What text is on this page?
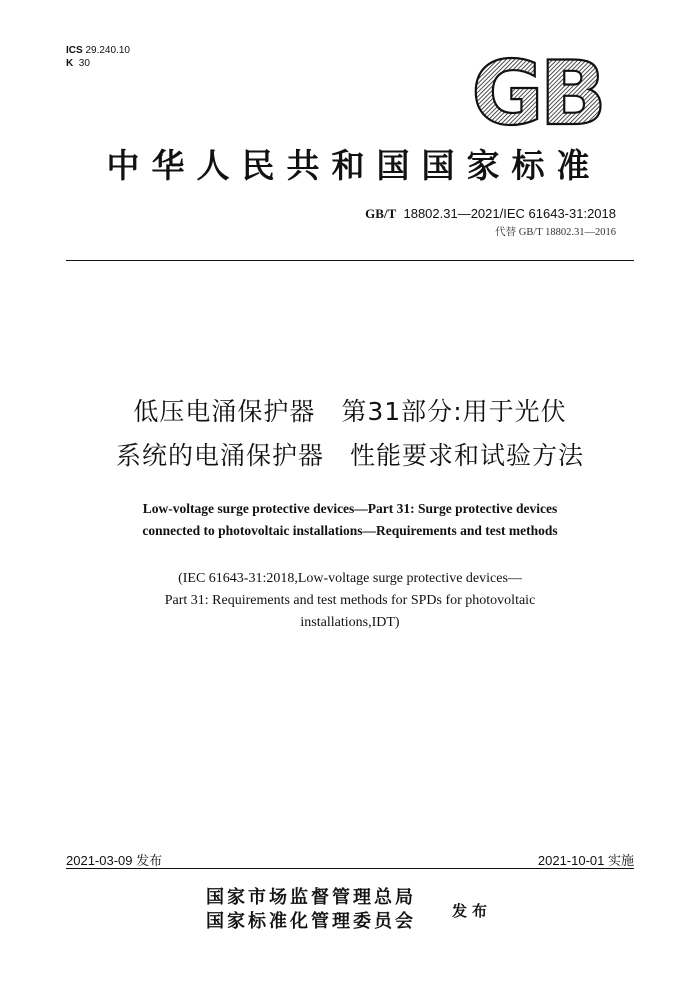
ICS 29.240.10
K 30	GB
中华人民共和国国家标准
GB/T 18802.31—2021/IEC 61643-31:2018
代替 GB/T 18802.31—2016
低压电涌保护器　第31部分:用于光伏
系统的电涌保护器　性能要求和试验方法
Low-voltage surge protective devices—Part 31: Surge protective devices
connected to photovoltaic installations—Requirements and test methods
(IEC 61643-31:2018,Low-voltage surge protective devices—
Part 31: Requirements and test methods for SPDs for photovoltaic
installations,IDT)
2021-03-09 发布	2021-10-01 实施
国家市场监督管理总局
国家标准化管理委员会 发布
